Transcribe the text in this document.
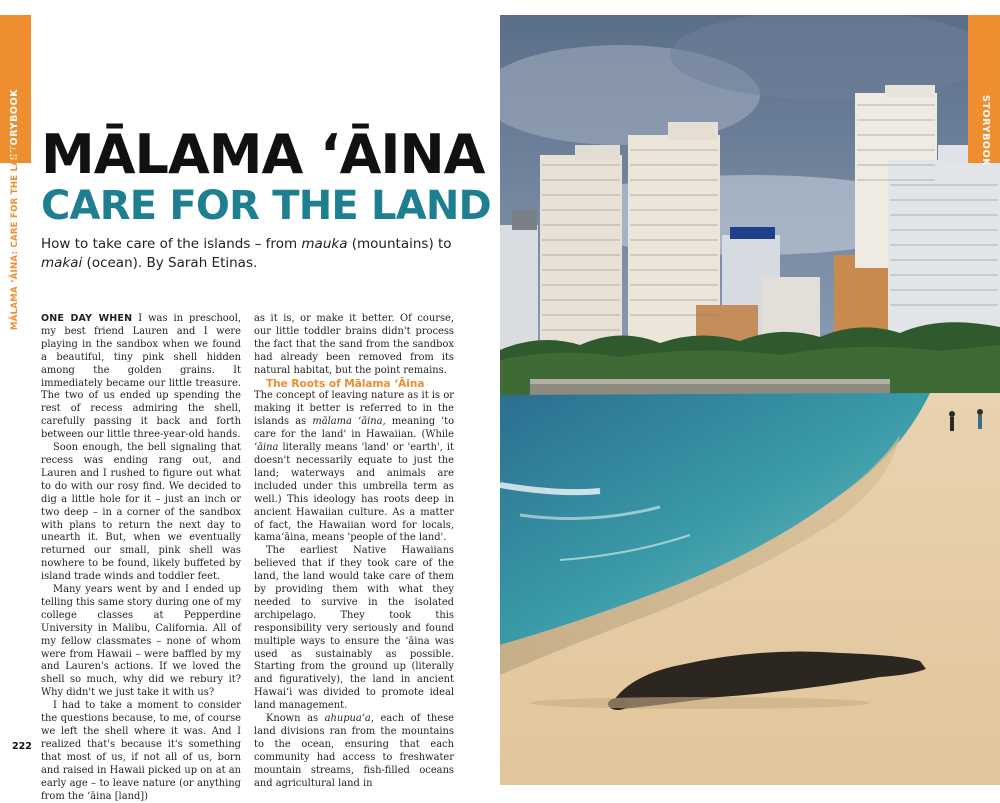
STORYBOOK
MĀLAMA ʻĀINA: CARE FOR THE LAND MĀLAMA ʻĀINA
CARE FOR THE LAND
How to take care of the islands – from mauka (mountains) to makai (ocean). By Sarah Etinas.

ONE DAY WHEN I was in preschool, my best friend Lauren and I were playing in the sandbox when we found a beautiful, tiny pink shell hidden among the golden grains. It immediately became our little treasure. The two of us ended up spending the rest of recess admiring the shell, carefully passing it back and forth between our little three-year-old hands.

Soon enough, the bell signaling that recess was ending rang out, and Lauren and I rushed to figure out what to do with our rosy find. We decided to dig a little hole for it – just an inch or two deep – in a corner of the sandbox with plans to return the next day to unearth it. But, when we eventually returned our small, pink shell was nowhere to be found, likely buffeted by island trade winds and toddler feet.

Many years went by and I ended up telling this same story during one of my college classes at Pepperdine University in Malibu, California. All of my fellow classmates – none of whom were from Hawaii – were baffled by my and Lauren's actions. If we loved the shell so much, why did we rebury it? Why didn't we just take it with us?

I had to take a moment to consider the questions because, to me, of course we left the shell where it was. And I realized that's because it's something that most of us, if not all of us, born and raised in Hawaii picked up on at an early age – to leave nature (or anything from the ʻāina [land])

as it is, or make it better. Of course, our little toddler brains didn't process the fact that the sand from the sandbox had already been removed from its natural habitat, but the point remains.

The Roots of Mālama ʻĀina

The concept of leaving nature as it is or making it better is referred to in the islands as mālama ʻāina, meaning 'to care for the land' in Hawaiian. (While ʻāina literally means 'land' or 'earth', it doesn't necessarily equate to just the land; waterways and animals are included under this umbrella term as well.) This ideology has roots deep in ancient Hawaiian culture. As a matter of fact, the Hawaiian word for locals, kamaʻāina, means 'people of the land'.

The earliest Native Hawaiians believed that if they took care of the land, the land would take care of them by providing them with what they needed to survive in the isolated archipelago. They took this responsibility very seriously and found multiple ways to ensure the ʻāina was used as sustainably as possible. Starting from the ground up (literally and figuratively), the land in ancient Hawaiʻi was divided to promote ideal land management.

Known as ahupuaʻa, each of these land divisions ran from the mountains to the ocean, ensuring that each community had access to freshwater mountain streams, fish-filled oceans and agricultural land in

222
STORYBOOK
